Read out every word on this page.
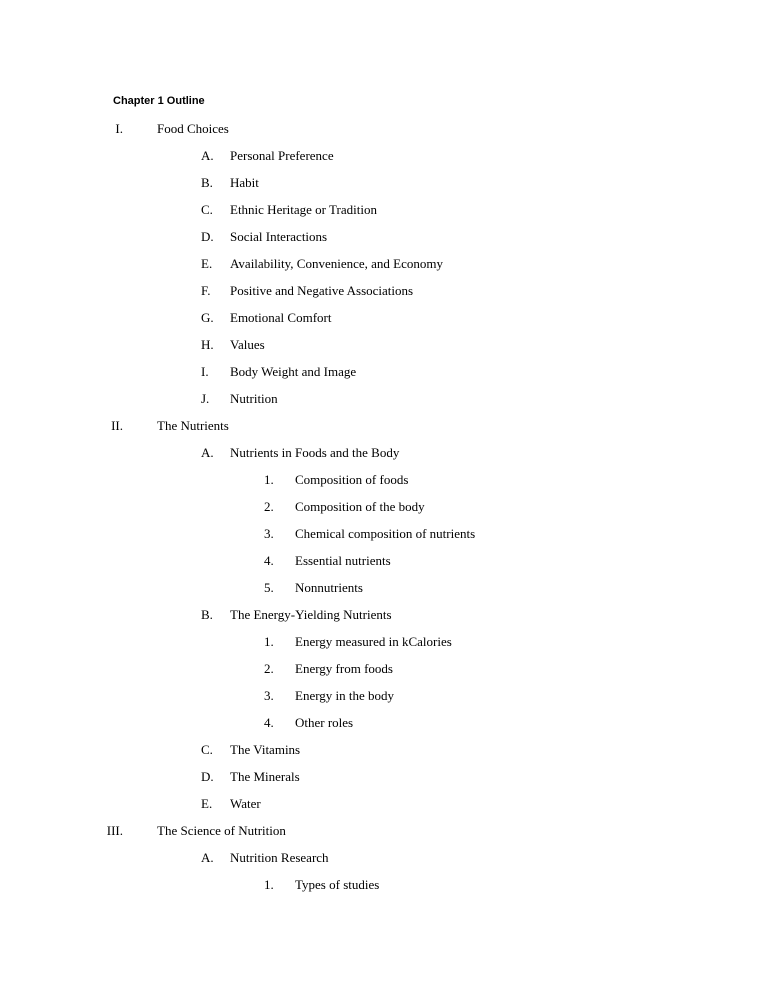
Chapter 1 Outline
I.	Food Choices
A. Personal Preference
B. Habit
C. Ethnic Heritage or Tradition
D. Social Interactions
E. Availability, Convenience, and Economy
F. Positive and Negative Associations
G. Emotional Comfort
H. Values
I. Body Weight and Image
J. Nutrition
II.	The Nutrients
A. Nutrients in Foods and the Body
1. Composition of foods
2. Composition of the body
3. Chemical composition of nutrients
4. Essential nutrients
5. Nonnutrients
B. The Energy-Yielding Nutrients
1. Energy measured in kCalories
2. Energy from foods
3. Energy in the body
4. Other roles
C. The Vitamins
D. The Minerals
E. Water
III.	The Science of Nutrition
A. Nutrition Research
1. Types of studies
